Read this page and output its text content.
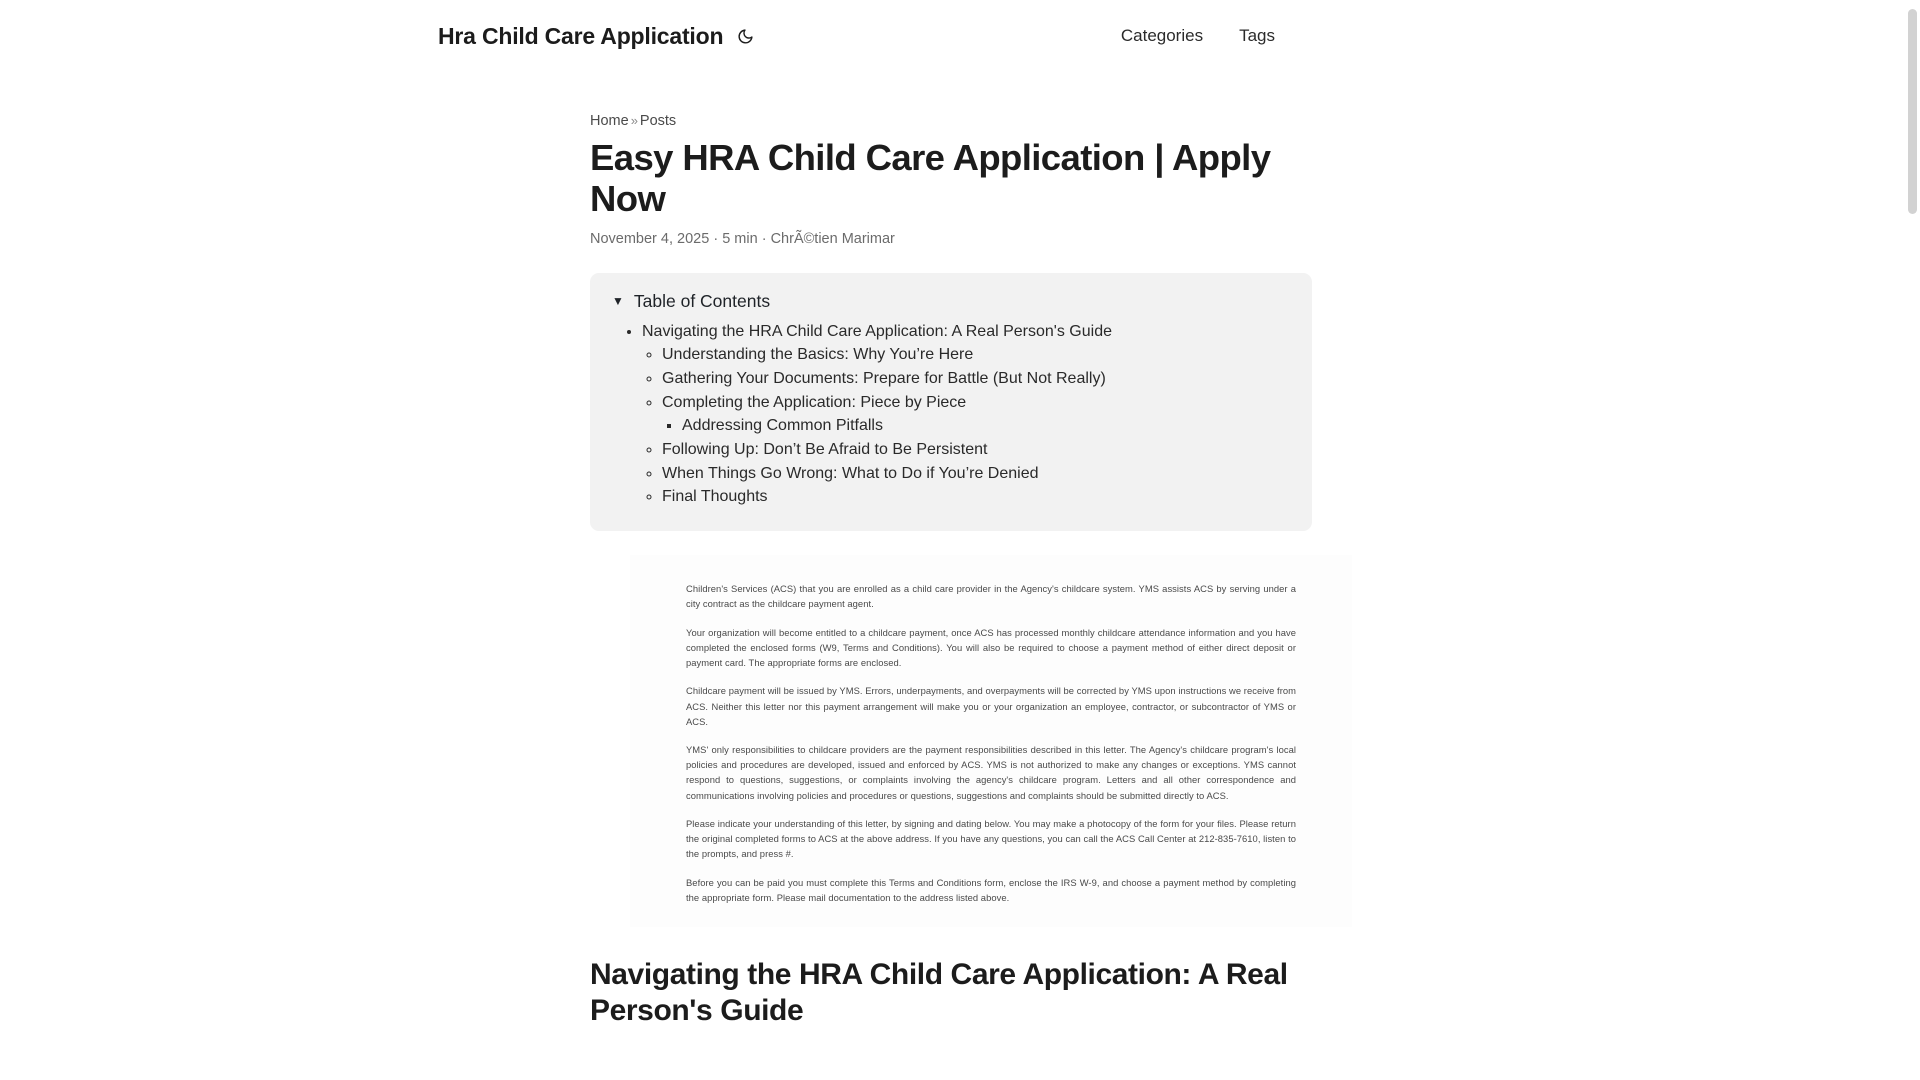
Hra Child Care Application	Categories Tags
Home » Posts
Easy HRA Child Care Application | Apply Now
November 4, 2025 · 5 min · ChrÃ©tien Marimar
▼ Table of Contents
• Navigating the HRA Child Care Application: A Real Person's Guide
◦ Understanding the Basics: Why You’re Here
◦ Gathering Your Documents: Prepare for Battle (But Not Really)
◦ Completing the Application: Piece by Piece
▪ Addressing Common Pitfalls
◦ Following Up: Don’t Be Afraid to Be Persistent
◦ When Things Go Wrong: What to Do if You’re Denied
◦ Final Thoughts

Children's Services (ACS) that you are enrolled as a child care provider in the Agency's childcare system. YMS assists ACS by serving under a city contract as the childcare payment agent.

Your organization will become entitled to a childcare payment, once ACS has processed monthly childcare attendance information and you have completed the enclosed forms (W9, Terms and Conditions). You will also be required to choose a payment method of either direct deposit or payment card. The appropriate forms are enclosed.

Childcare payment will be issued by YMS. Errors, underpayments, and overpayments will be corrected by YMS upon instructions we receive from ACS. Neither this letter nor this payment arrangement will make you or your organization an employee, contractor, or subcontractor of YMS or ACS.

YMS' only responsibilities to childcare providers are the payment responsibilities described in this letter. The Agency's childcare program's local policies and procedures are developed, issued and enforced by ACS. YMS is not authorized to make any changes or exceptions. YMS cannot respond to questions, suggestions, or complaints involving the agency's childcare program. Letters and all other correspondence and communications involving policies and procedures or questions, suggestions and complaints should be submitted directly to ACS.

Please indicate your understanding of this letter, by signing and dating below. You may make a photocopy of the form for your files. Please return the original completed forms to ACS at the above address. If you have any questions, you can call the ACS Call Center at 212-835-7610, listen to the prompts, and press #.

Before you can be paid you must complete this Terms and Conditions form, enclose the IRS W-9, and choose a payment method by completing the appropriate form. Please mail documentation to the address listed above.

Navigating the HRA Child Care Application: A Real Person's Guide
